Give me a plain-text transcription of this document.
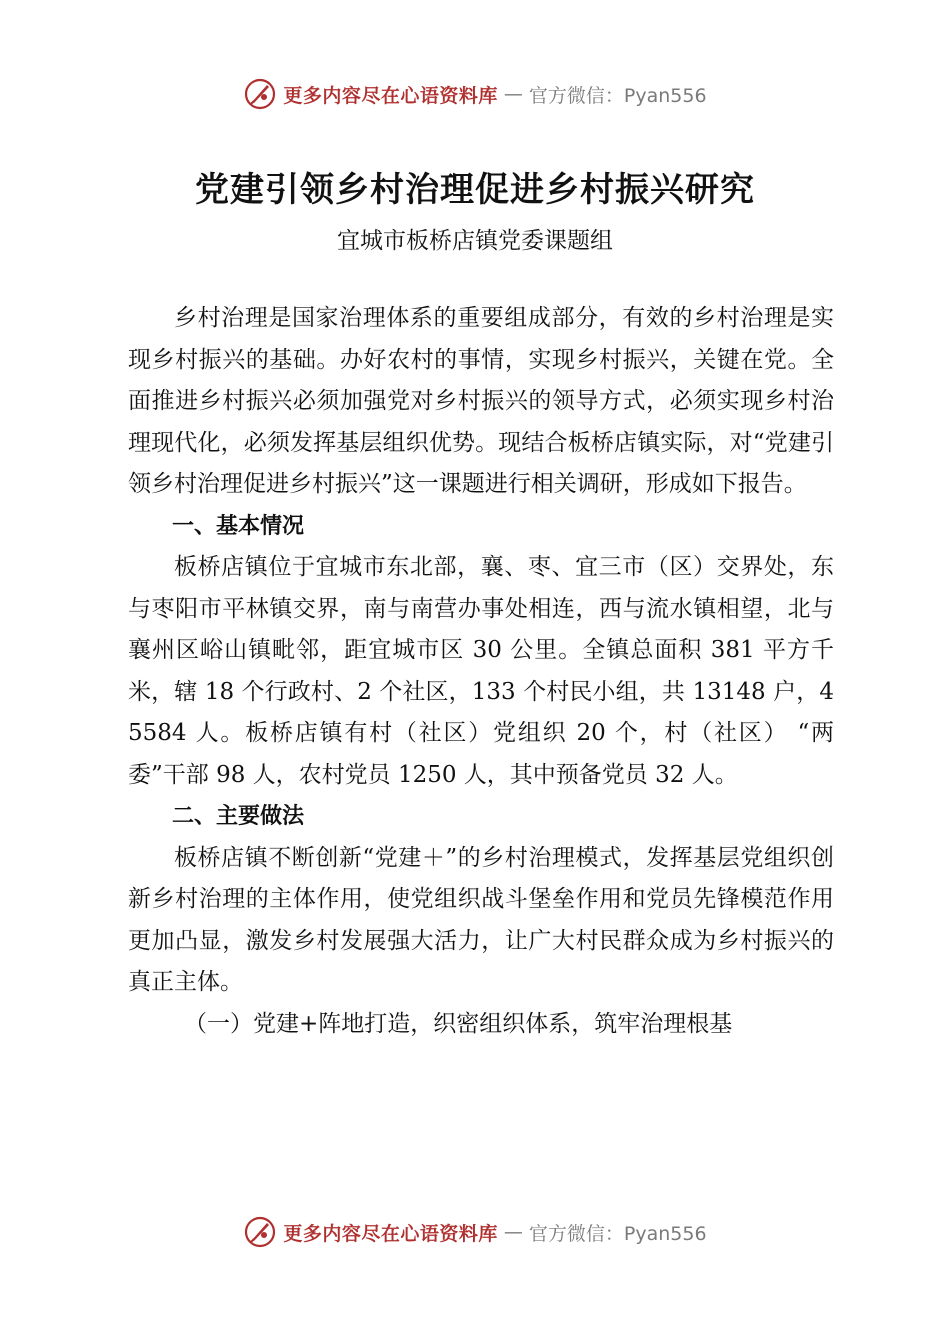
更多内容尽在心语资料库 — 官方微信：Pyan556
党建引领乡村治理促进乡村振兴研究
宜城市板桥店镇党委课题组

乡村治理是国家治理体系的重要组成部分，有效的乡村治理是实现乡村振兴的基础。办好农村的事情，实现乡村振兴，关键在党。全面推进乡村振兴必须加强党对乡村振兴的领导方式，必须实现乡村治理现代化，必须发挥基层组织优势。现结合板桥店镇实际，对“党建引领乡村治理促进乡村振兴”这一课题进行相关调研，形成如下报告。

一、基本情况

板桥店镇位于宜城市东北部，襄、枣、宜三市（区）交界处，东与枣阳市平林镇交界，南与南营办事处相连，西与流水镇相望，北与襄州区峪山镇毗邻，距宜城市区 30 公里。全镇总面积 381 平方千米，辖 18 个行政村、2 个社区，133 个村民小组，共 13148 户，45584 人。板桥店镇有村（社区）党组织 20 个，村（社区） “两委”干部 98 人，农村党员 1250 人，其中预备党员 32 人。

二、主要做法

板桥店镇不断创新“党建＋”的乡村治理模式，发挥基层党组织创新乡村治理的主体作用，使党组织战斗堡垒作用和党员先锋模范作用更加凸显，激发乡村发展强大活力，让广大村民群众成为乡村振兴的真正主体。

（一）党建+阵地打造，织密组织体系，筑牢治理根基

更多内容尽在心语资料库 — 官方微信：Pyan556
